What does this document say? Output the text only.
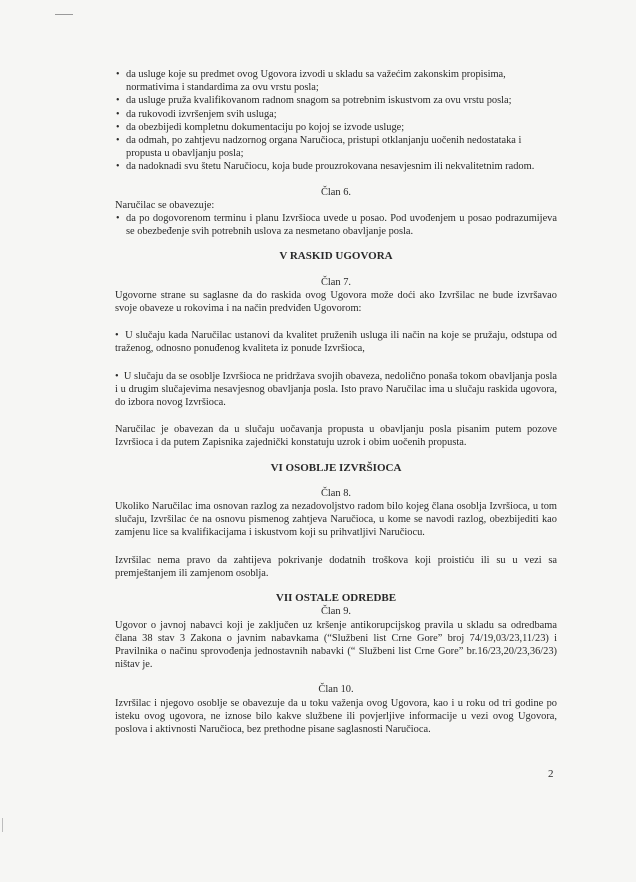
• da usluge koje su predmet ovog Ugovora izvodi u skladu sa važećim zakonskim propisima, normativima i standardima za ovu vrstu posla;
• da usluge pruža kvalifikovanom radnom snagom sa potrebnim iskustvom za ovu vrstu posla;
• da rukovodi izvršenjem svih usluga;
• da obezbijedi kompletnu dokumentaciju po kojoj se izvode usluge;
• da odmah, po zahtjevu nadzornog organa Naručioca, pristupi otklanjanju uočenih nedostataka i propusta u obavljanju posla;
• da nadoknadi svu štetu Naručiocu, koja bude prouzrokovana nesavjesnim ili nekvalitetnim radom.
Član 6.

Naručilac se obavezuje:

• da po dogovorenom terminu i planu Izvršioca uvede u posao. Pod uvođenjem u posao podrazumijeva se obezbeđenje svih potrebnih uslova za nesmetano obavljanje posla.
V RASKID UGOVORA
Član 7.

Ugovorne strane su saglasne da do raskida ovog Ugovora može doći ako Izvršilac ne bude izvršavao svoje obaveze u rokovima i na način predviđen Ugovorom:

•  U slučaju kada Naručilac ustanovi da kvalitet pruženih usluga ili način na koje se pružaju, odstupa od traženog, odnosno ponuđenog kvaliteta iz ponude Izvršioca,

•  U slučaju da se osoblje Izvršioca ne pridržava svojih obaveza, nedolično ponaša tokom obavljanja posla i u drugim slučajevima nesavjesnog obavljanja posla. Isto pravo Naručilac ima u slučaju raskida ugovora, do izbora novog Izvršioca.

Naručilac je obavezan da u slučaju uočavanja propusta u obavljanju posla pisanim putem pozove Izvršioca i da putem Zapisnika zajednički konstatuju uzrok i obim uočenih propusta.

VI OSOBLJE IZVRŠIOCA
Član 8.

Ukoliko Naručilac ima osnovan razlog za nezadovoljstvo radom bilo kojeg člana osoblja Izvršioca, u tom slučaju, Izvršilac će na osnovu pismenog zahtjeva Naručioca, u kome se navodi razlog, obezbijediti kao zamjenu lice sa kvalifikacijama i iskustvom koji su prihvatljivi Naručiocu.

Izvršilac nema pravo da zahtijeva pokrivanje dodatnih troškova koji proistiću ili su u vezi sa premještanjem ili zamjenom osoblja.

VII OSTALE ODREDBE
Član 9.

Ugovor o javnoj nabavci koji je zaključen uz kršenje antikorupcijskog pravila u skladu sa odredbama člana 38 stav 3 Zakona o javnim nabavkama (“Službeni list Crne Gore” broj 74/19,03/23,11/23) i Pravilnika o načinu sprovođenja jednostavnih nabavki (“ Službeni list Crne Gore” br.16/23,20/23,36/23) ništav je.

Član 10.

Izvršilac i njegovo osoblje se obavezuje da u toku važenja ovog Ugovora, kao i u roku od tri godine po isteku ovog ugovora, ne iznose bilo kakve službene ili povjerljive informacije u vezi ovog Ugovora, poslova i aktivnosti Naručioca, bez prethodne pisane saglasnosti Naručioca.

2
